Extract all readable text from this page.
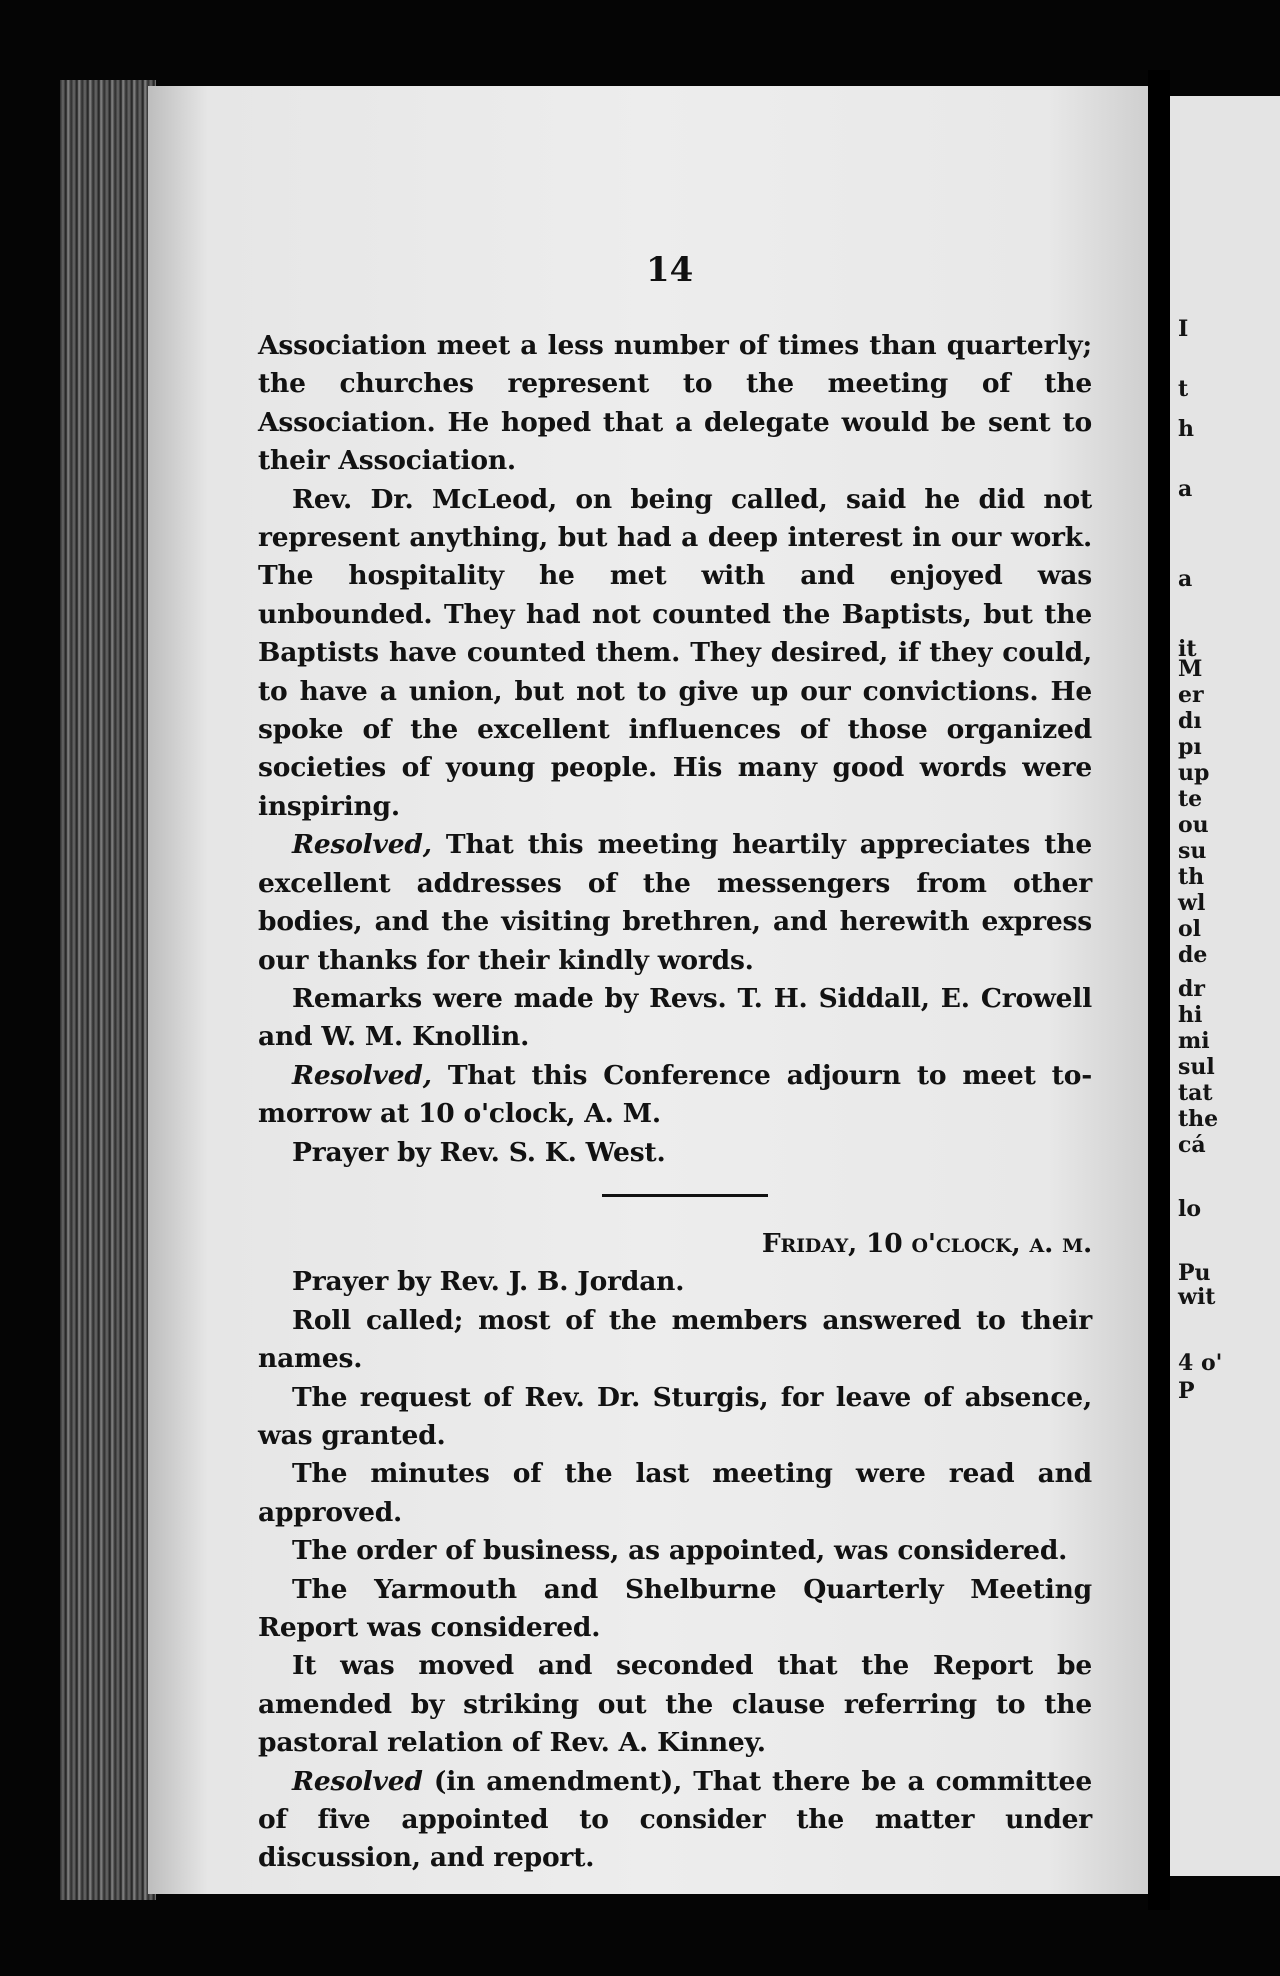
I
t
h
a
a
it
M
er
dı
pı
up
te
ou
su
th
wl
ol
de
dr
hi
mi
sul
tat
the
cá
lo
Pu
wit
4 o'
P
14

Association meet a less number of times than quarterly; the churches represent to the meeting of the Association. He hoped that a delegate would be sent to their Association.

Rev. Dr. McLeod, on being called, said he did not represent anything, but had a deep interest in our work. The hospitality he met with and enjoyed was unbounded. They had not counted the Baptists, but the Baptists have counted them. They desired, if they could, to have a union, but not to give up our convictions. He spoke of the excellent influences of those organized societies of young people. His many good words were inspiring.

Resolved, That this meeting heartily appreciates the excellent addresses of the messengers from other bodies, and the visiting brethren, and herewith express our thanks for their kindly words.

Remarks were made by Revs. T. H. Siddall, E. Crowell and W. M. Knollin.

Resolved, That this Conference adjourn to meet to-morrow at 10 o'clock, A. M.

Prayer by Rev. S. K. West.

Friday, 10 o'clock, a. m.

Prayer by Rev. J. B. Jordan.

Roll called; most of the members answered to their names.

The request of Rev. Dr. Sturgis, for leave of absence, was granted.

The minutes of the last meeting were read and approved.

The order of business, as appointed, was considered.

The Yarmouth and Shelburne Quarterly Meeting Report was considered.

It was moved and seconded that the Report be amended by striking out the clause referring to the pastoral relation of Rev. A. Kinney.

Resolved (in amendment), That there be a committee of five appointed to consider the matter under discussion, and report.
